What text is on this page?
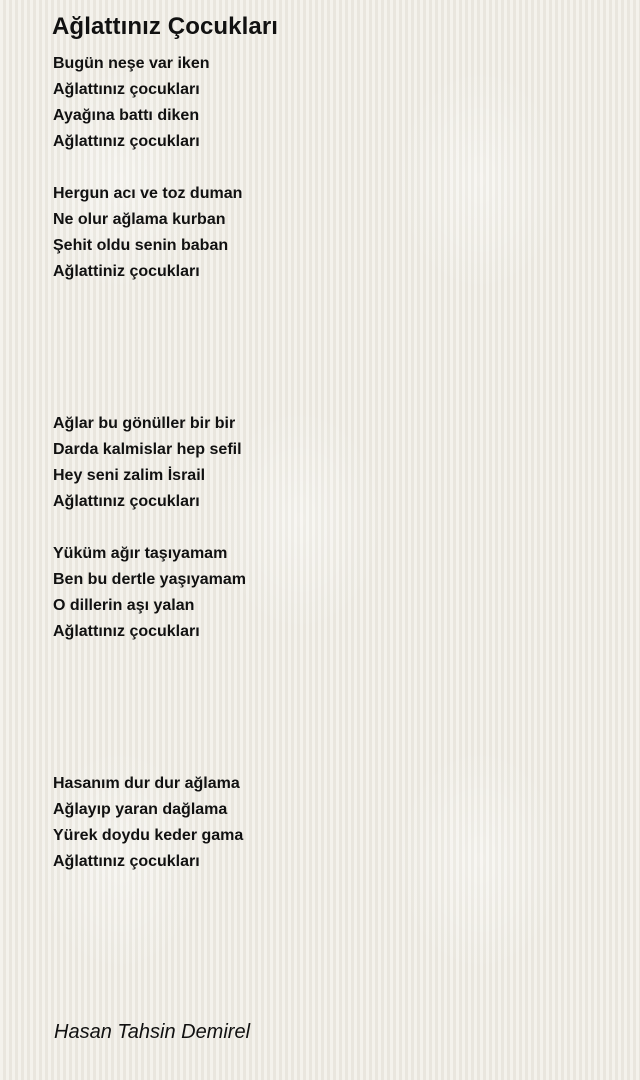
Ağlattınız Çocukları
Bugün neşe var iken
Ağlattınız çocukları
Ayağına battı diken
Ağlattınız çocukları
Hergun acı ve toz duman
Ne olur ağlama kurban
Şehit oldu senin baban
Ağlattiniz çocukları
Ağlar bu gönüller bir bir
Darda kalmislar hep sefil
Hey seni zalim İsrail
Ağlattınız çocukları
Yüküm ağır taşıyamam
Ben bu dertle yaşıyamam
O dillerin aşı yalan
Ağlattınız çocukları
Hasanım dur dur ağlama
Ağlayıp yaran dağlama
Yürek doydu keder gama
Ağlattınız çocukları
Hasan Tahsin Demirel
